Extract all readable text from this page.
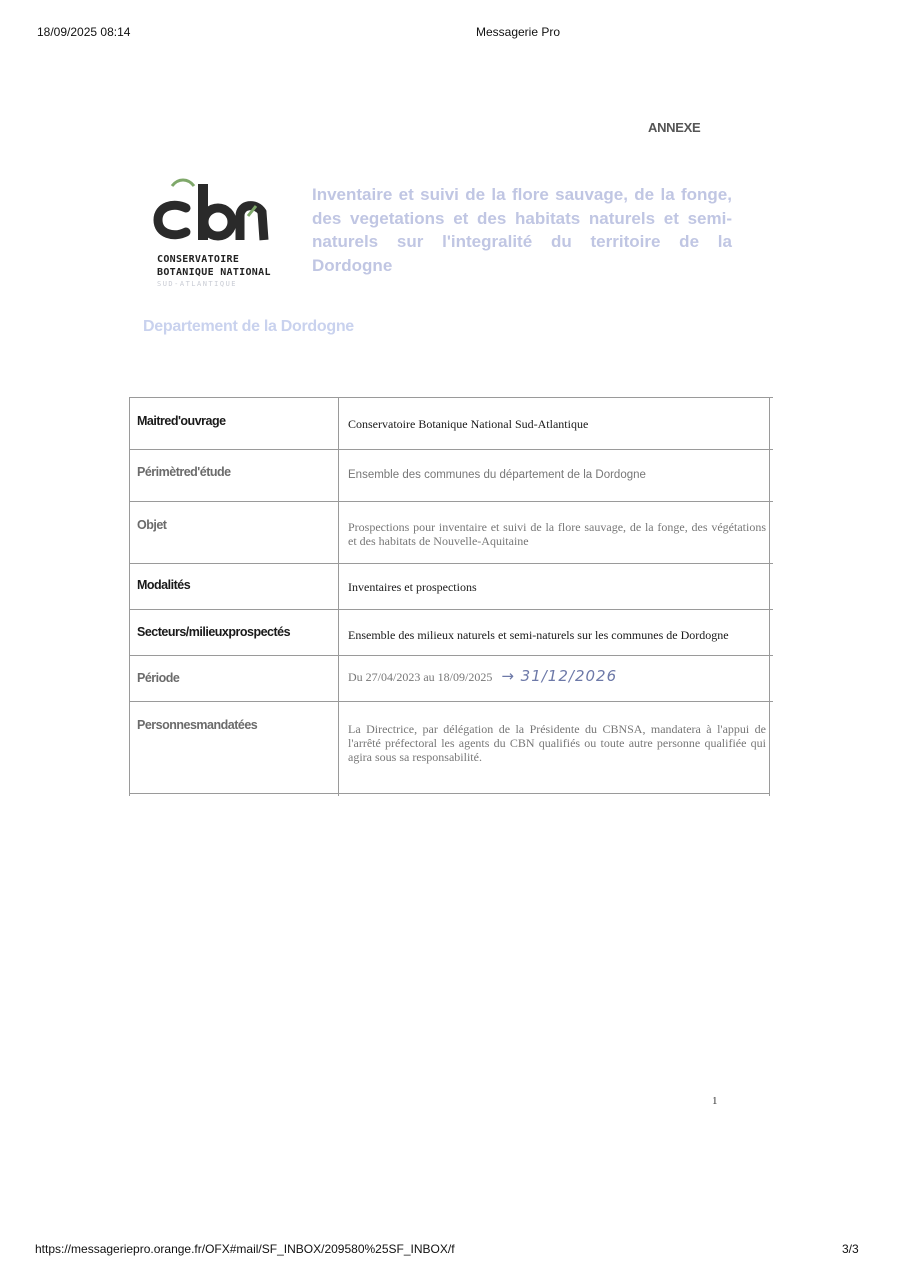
18/09/2025 08:14	Messagerie Pro
ANNEXE
CONSERVATOIRE
BOTANIQUE NATIONAL
SUD-ATLANTIQUE
Inventaire et suivi de la flore sauvage, de la fonge, des vegetations et des habitats naturels et semi-naturels sur l'integralité du territoire de la Dordogne
Departement de la Dordogne
Maitred'ouvrage	Conservatoire Botanique National Sud-Atlantique
Périmètred'étude	Ensemble des communes du département de la Dordogne
Objet	Prospections pour inventaire et suivi de la flore sauvage, de la fonge, des végétations et des habitats de Nouvelle-Aquitaine
Modalités	Inventaires et prospections
Secteurs/milieuxprospectés	Ensemble des milieux naturels et semi-naturels sur les communes de Dordogne
Période	Du 27/04/2023 au 18/09/2025 → 31/12/2026
Personnesmandatées	La Directrice, par délégation de la Présidente du CBNSA, mandatera à l'appui de l'arrêté préfectoral les agents du CBN qualifiés ou toute autre personne qualifiée qui agira sous sa responsabilité.
1
https://messageriepro.orange.fr/OFX#mail/SF_INBOX/209580%25SF_INBOX/f	3/3
